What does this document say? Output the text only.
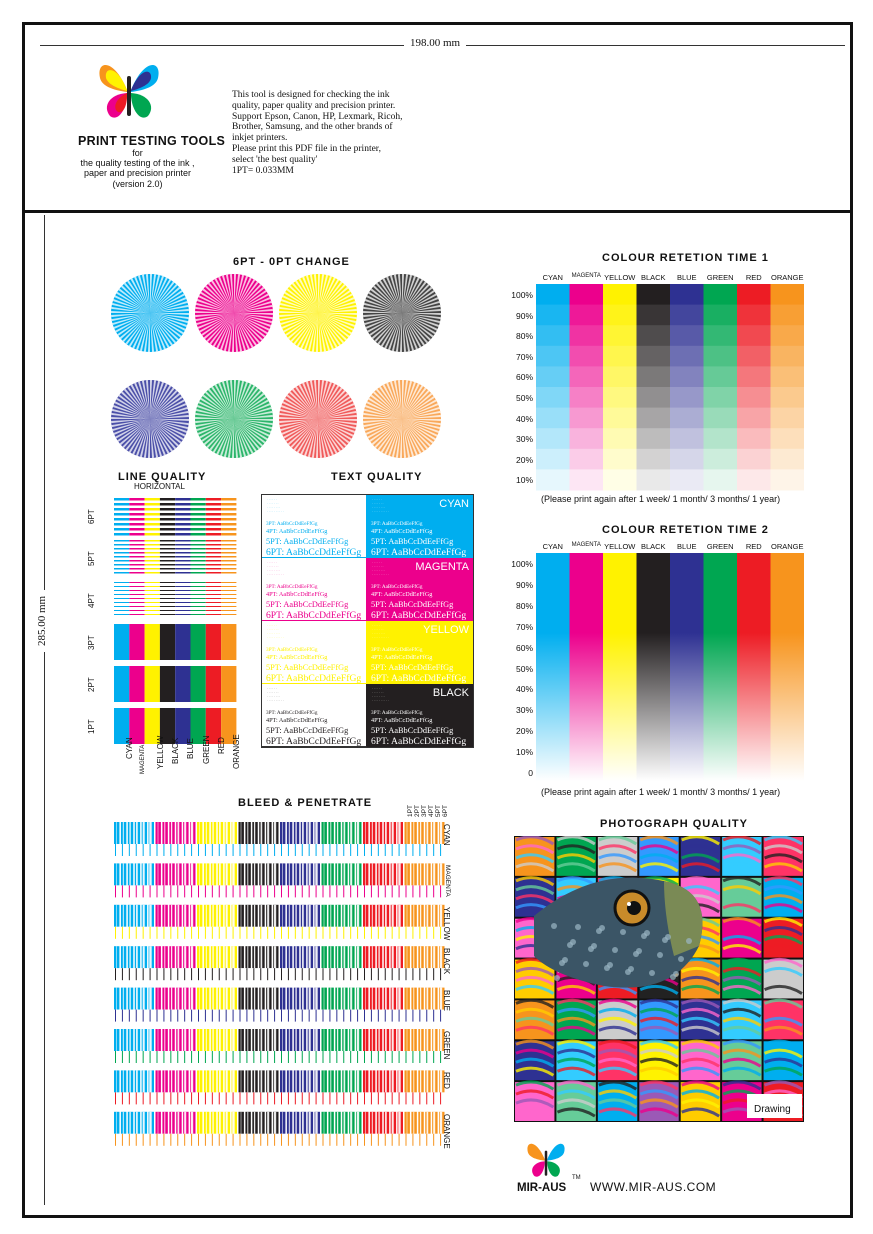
198.00 mm
285.00 mm
PRINT TESTING TOOLS
for
the quality testing of the ink ,
paper and precision printer
(version 2.0)
This tool is designed for checking the ink
quality, paper quality and precision printer.
Support Epson, Canon, HP, Lexmark, Ricoh,
Brother, Samsung, and the other brands of
inkjet printers.
Please print this PDF file in the printer,
select 'the best quality'
1PT= 0.033MM
6PT - 0PT CHANGE
LINE QUALITY
HORIZONTAL
TEXT QUALITY
· · · · · ·
· · · · · · ·
· · · · · · · ·
· · · · · · · · · ·
3PT: AaBbCcDdEeFfGg
4PT: AaBbCcDdEeFfGg
5PT: AaBbCcDdEeFfGg
6PT: AaBbCcDdEeFfGg
CYAN
· · · · · ·
· · · · · · ·
· · · · · · · ·
· · · · · · · · · ·
3PT: AaBbCcDdEeFfGg
4PT: AaBbCcDdEeFfGg
5PT: AaBbCcDdEeFfGg
6PT: AaBbCcDdEeFfGg
· · · · · ·
· · · · · · ·
· · · · · · · ·
· · · · · · · · · ·
3PT: AaBbCcDdEeFfGg
4PT: AaBbCcDdEeFfGg
5PT: AaBbCcDdEeFfGg
6PT: AaBbCcDdEeFfGg
MAGENTA
· · · · · ·
· · · · · · ·
· · · · · · · ·
· · · · · · · · · ·
3PT: AaBbCcDdEeFfGg
4PT: AaBbCcDdEeFfGg
5PT: AaBbCcDdEeFfGg
6PT: AaBbCcDdEeFfGg
· · · · · ·
· · · · · · ·
· · · · · · · ·
· · · · · · · · · ·
3PT: AaBbCcDdEeFfGg
4PT: AaBbCcDdEeFfGg
5PT: AaBbCcDdEeFfGg
6PT: AaBbCcDdEeFfGg
YELLOW
· · · · · ·
· · · · · · ·
· · · · · · · ·
· · · · · · · · · ·
3PT: AaBbCcDdEeFfGg
4PT: AaBbCcDdEeFfGg
5PT: AaBbCcDdEeFfGg
6PT: AaBbCcDdEeFfGg
· · · · · ·
· · · · · · ·
· · · · · · · ·
· · · · · · · · · ·
3PT: AaBbCcDdEeFfGg
4PT: AaBbCcDdEeFfGg
5PT: AaBbCcDdEeFfGg
6PT: AaBbCcDdEeFfGg
BLACK
· · · · · ·
· · · · · · ·
· · · · · · · ·
· · · · · · · · · ·
3PT: AaBbCcDdEeFfGg
4PT: AaBbCcDdEeFfGg
5PT: AaBbCcDdEeFfGg
6PT: AaBbCcDdEeFfGg
COLOUR RETETION TIME 1
(Please print again after 1 week/ 1 month/ 3 months/ 1 year)
COLOUR RETETION TIME 2
(Please print again after 1 week/ 1 month/ 3 months/ 1 year)
BLEED & PENETRATE
PHOTOGRAPH QUALITY
Drawing
MIR-AUS
TM
WWW.MIR-AUS.COM
6PT
5PT
4PT
3PT
2PT
1PT
CYAN MAGENTA YELLOW BLACK BLUE GREEN RED ORANGE
CYAN	MAGENTA YELLOW BLACK	BLUE	GREEN	RED	ORANGE
100%
90%
80%
70%
60%
50%
40%
30%
20%
10%
CYAN	MAGENTA YELLOW BLACK	BLUE	GREEN	RED	ORANGE
100%
90%
80%
70%
60%
50%
40%
30%
20%
10%
0
CYAN
MAGENTA
YELLOW
BLACK
BLUE
GREEN
RED
ORANGE
1PT 2PT 3PT 4PT 5PT 6PT
